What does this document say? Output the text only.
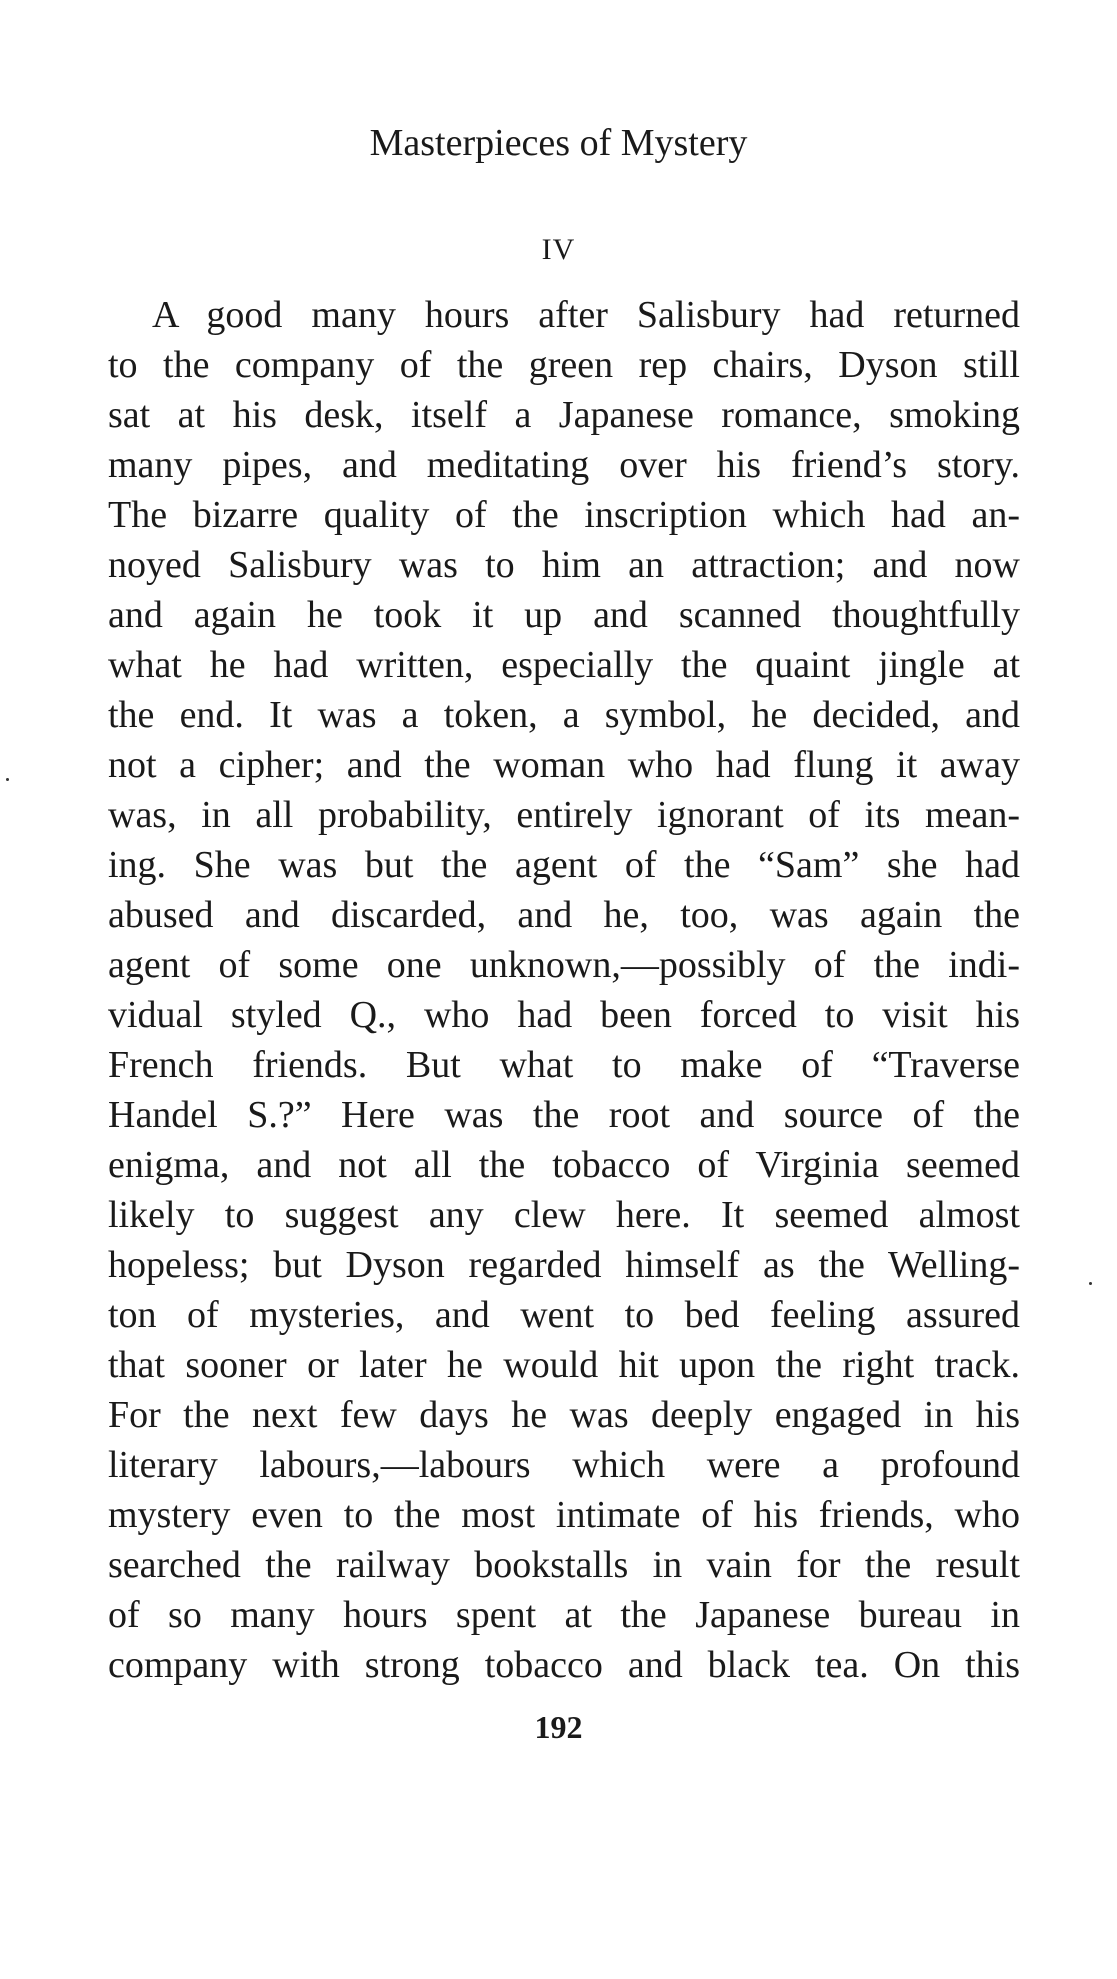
Masterpieces of Mystery
IV
A good many hours after Salisbury had returned
to the company of the green rep chairs, Dyson still
sat at his desk, itself a Japanese romance, smoking
many pipes, and meditating over his friend’s story.
The bizarre quality of the inscription which had an-
noyed Salisbury was to him an attraction; and now
and again he took it up and scanned thoughtfully
what he had written, especially the quaint jingle at
the end. It was a token, a symbol, he decided, and
not a cipher; and the woman who had flung it away
was, in all probability, entirely ignorant of its mean-
ing. She was but the agent of the “Sam” she had
abused and discarded, and he, too, was again the
agent of some one unknown,—possibly of the indi-
vidual styled Q., who had been forced to visit his
French friends. But what to make of “Traverse
Handel S.?” Here was the root and source of the
enigma, and not all the tobacco of Virginia seemed
likely to suggest any clew here. It seemed almost
hopeless; but Dyson regarded himself as the Welling-
ton of mysteries, and went to bed feeling assured
that sooner or later he would hit upon the right track.
For the next few days he was deeply engaged in his
literary labours,—labours which were a profound
mystery even to the most intimate of his friends, who
searched the railway bookstalls in vain for the result
of so many hours spent at the Japanese bureau in
company with strong tobacco and black tea. On this
192
